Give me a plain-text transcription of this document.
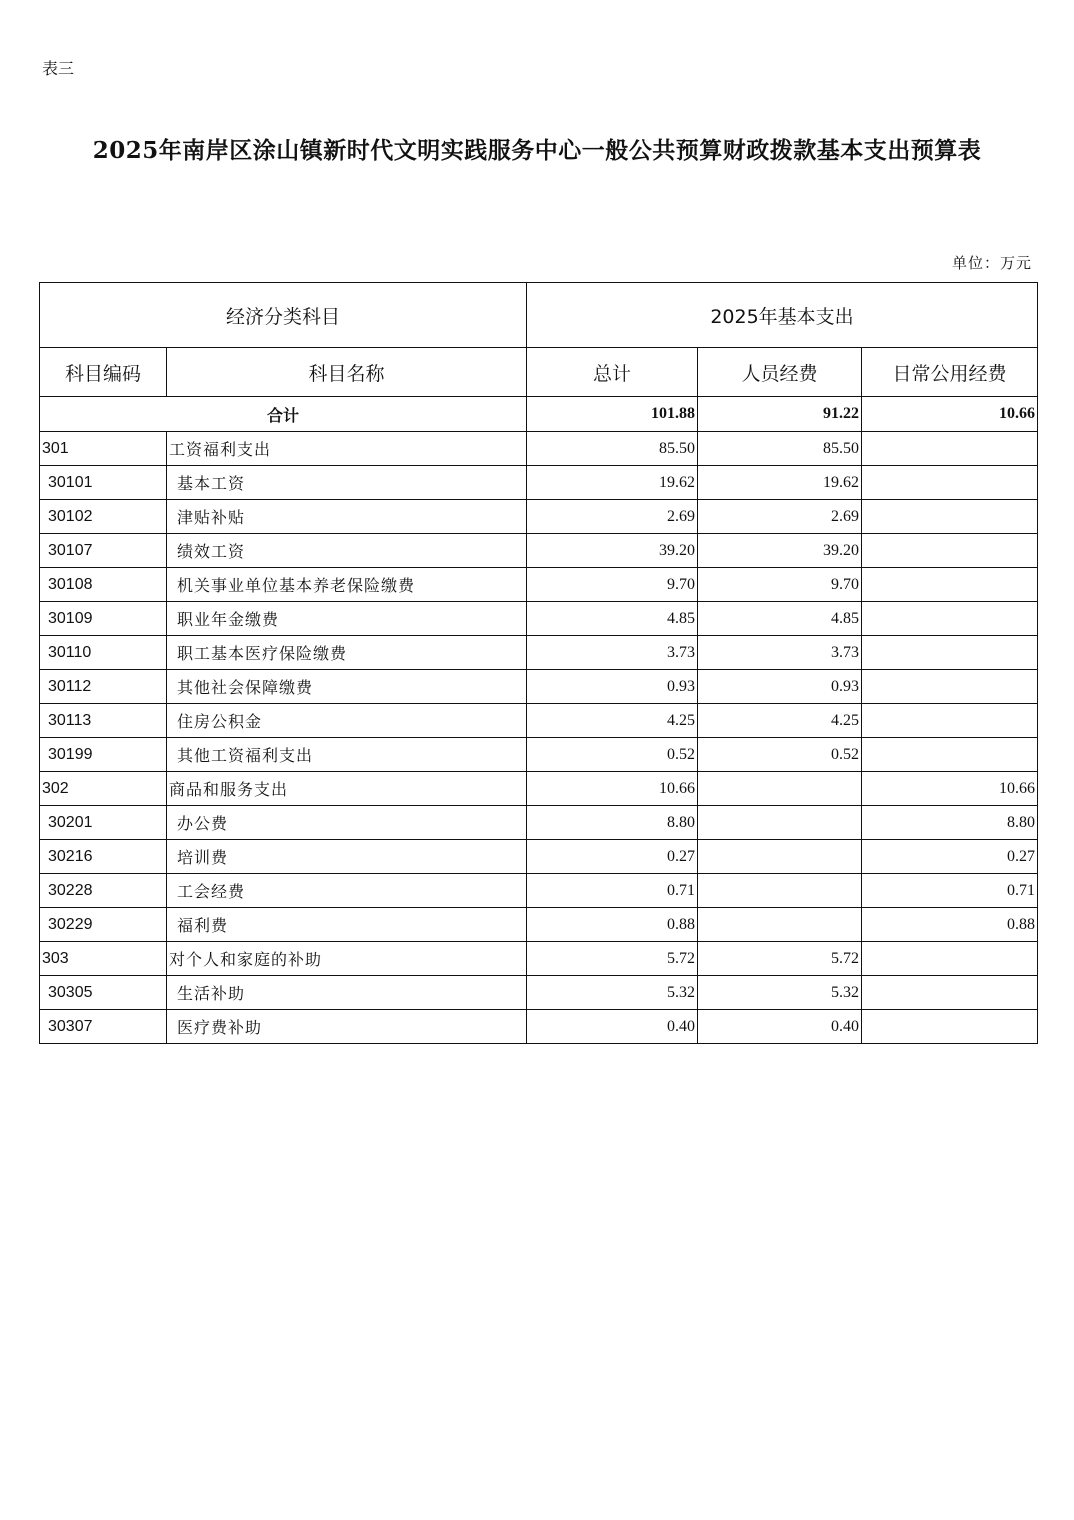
表三
2025年南岸区涂山镇新时代文明实践服务中心一般公共预算财政拨款基本支出预算表
单位：万元
经济分类科目		2025年基本支出		
科目编码	科目名称	总计	人员经费	日常公用经费
合计		101.88	91.22	10.66
301	工资福利支出	85.50	85.50	
30101	基本工资	19.62	19.62	
30102	津贴补贴	2.69	2.69	
30107	绩效工资	39.20	39.20	
30108	机关事业单位基本养老保险缴费	9.70	9.70	
30109	职业年金缴费	4.85	4.85	
30110	职工基本医疗保险缴费	3.73	3.73	
30112	其他社会保障缴费	0.93	0.93	
30113	住房公积金	4.25	4.25	
30199	其他工资福利支出	0.52	0.52	
302	商品和服务支出	10.66		10.66
30201	办公费	8.80		8.80
30216	培训费	0.27		0.27
30228	工会经费	0.71		0.71
30229	福利费	0.88		0.88
303	对个人和家庭的补助	5.72	5.72	
30305	生活补助	5.32	5.32	
30307	医疗费补助	0.40	0.40	
